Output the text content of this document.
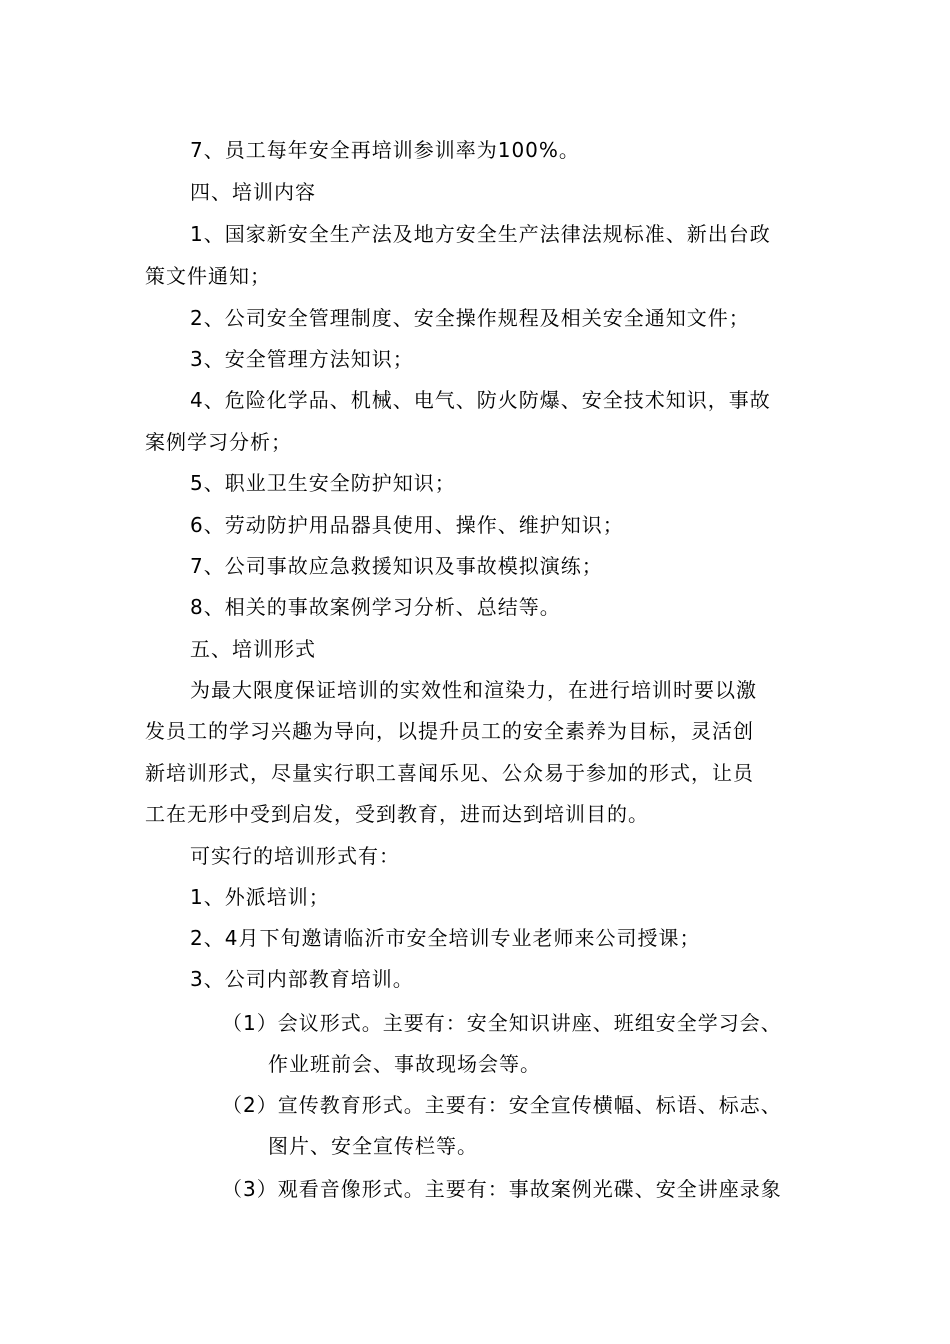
7、员工每年安全再培训参训率为100%。
四、培训内容
1、国家新安全生产法及地方安全生产法律法规标准、新出台政
策文件通知；
2、公司安全管理制度、安全操作规程及相关安全通知文件；
3、安全管理方法知识；
4、危险化学品、机械、电气、防火防爆、安全技术知识，事故
案例学习分析；
5、职业卫生安全防护知识；
6、劳动防护用品器具使用、操作、维护知识；
7、公司事故应急救援知识及事故模拟演练；
8、相关的事故案例学习分析、总结等。
五、培训形式
为最大限度保证培训的实效性和渲染力，在进行培训时要以激
发员工的学习兴趣为导向，以提升员工的安全素养为目标，灵活创
新培训形式，尽量实行职工喜闻乐见、公众易于参加的形式，让员
工在无形中受到启发，受到教育，进而达到培训目的。
可实行的培训形式有：
1、外派培训；
2、4月下旬邀请临沂市安全培训专业老师来公司授课；
3、公司内部教育培训。
（1）会议形式。主要有：安全知识讲座、班组安全学习会、
作业班前会、事故现场会等。
（2）宣传教育形式。主要有：安全宣传横幅、标语、标志、
图片、安全宣传栏等。
（3）观看音像形式。主要有：事故案例光碟、安全讲座录象
